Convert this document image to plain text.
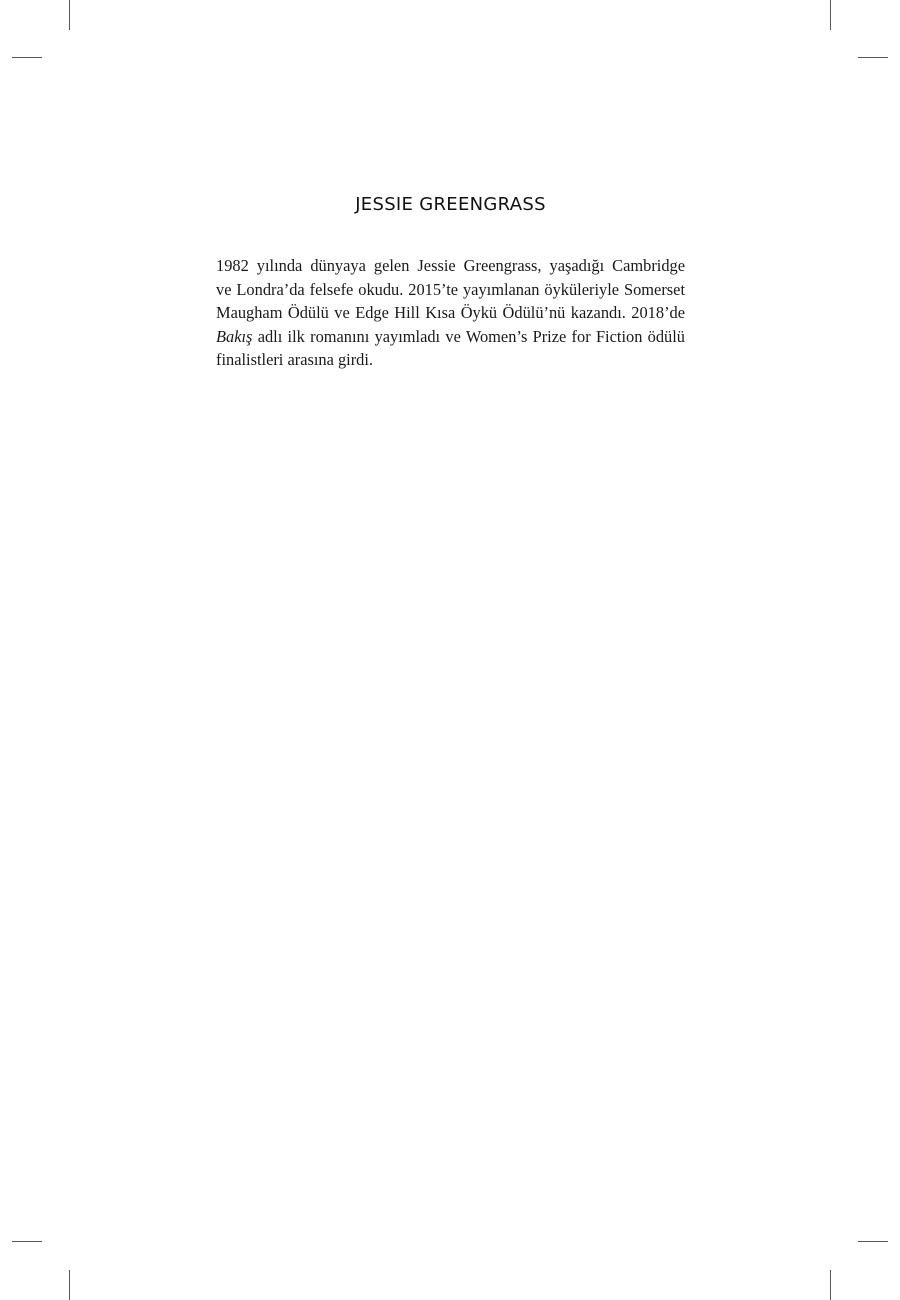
JESSIE GREENGRASS
1982 yılında dünyaya gelen Jessie Greengrass, yaşadığı Cambridge
ve Londra’da felsefe okudu. 2015’te yayımlanan öyküleriyle Somerset
Maugham Ödülü ve Edge Hill Kısa Öykü Ödülü’nü kazandı. 2018’de
Bakış adlı ilk romanını yayımladı ve Women’s Prize for Fiction ödülü
finalistleri arasına girdi.
